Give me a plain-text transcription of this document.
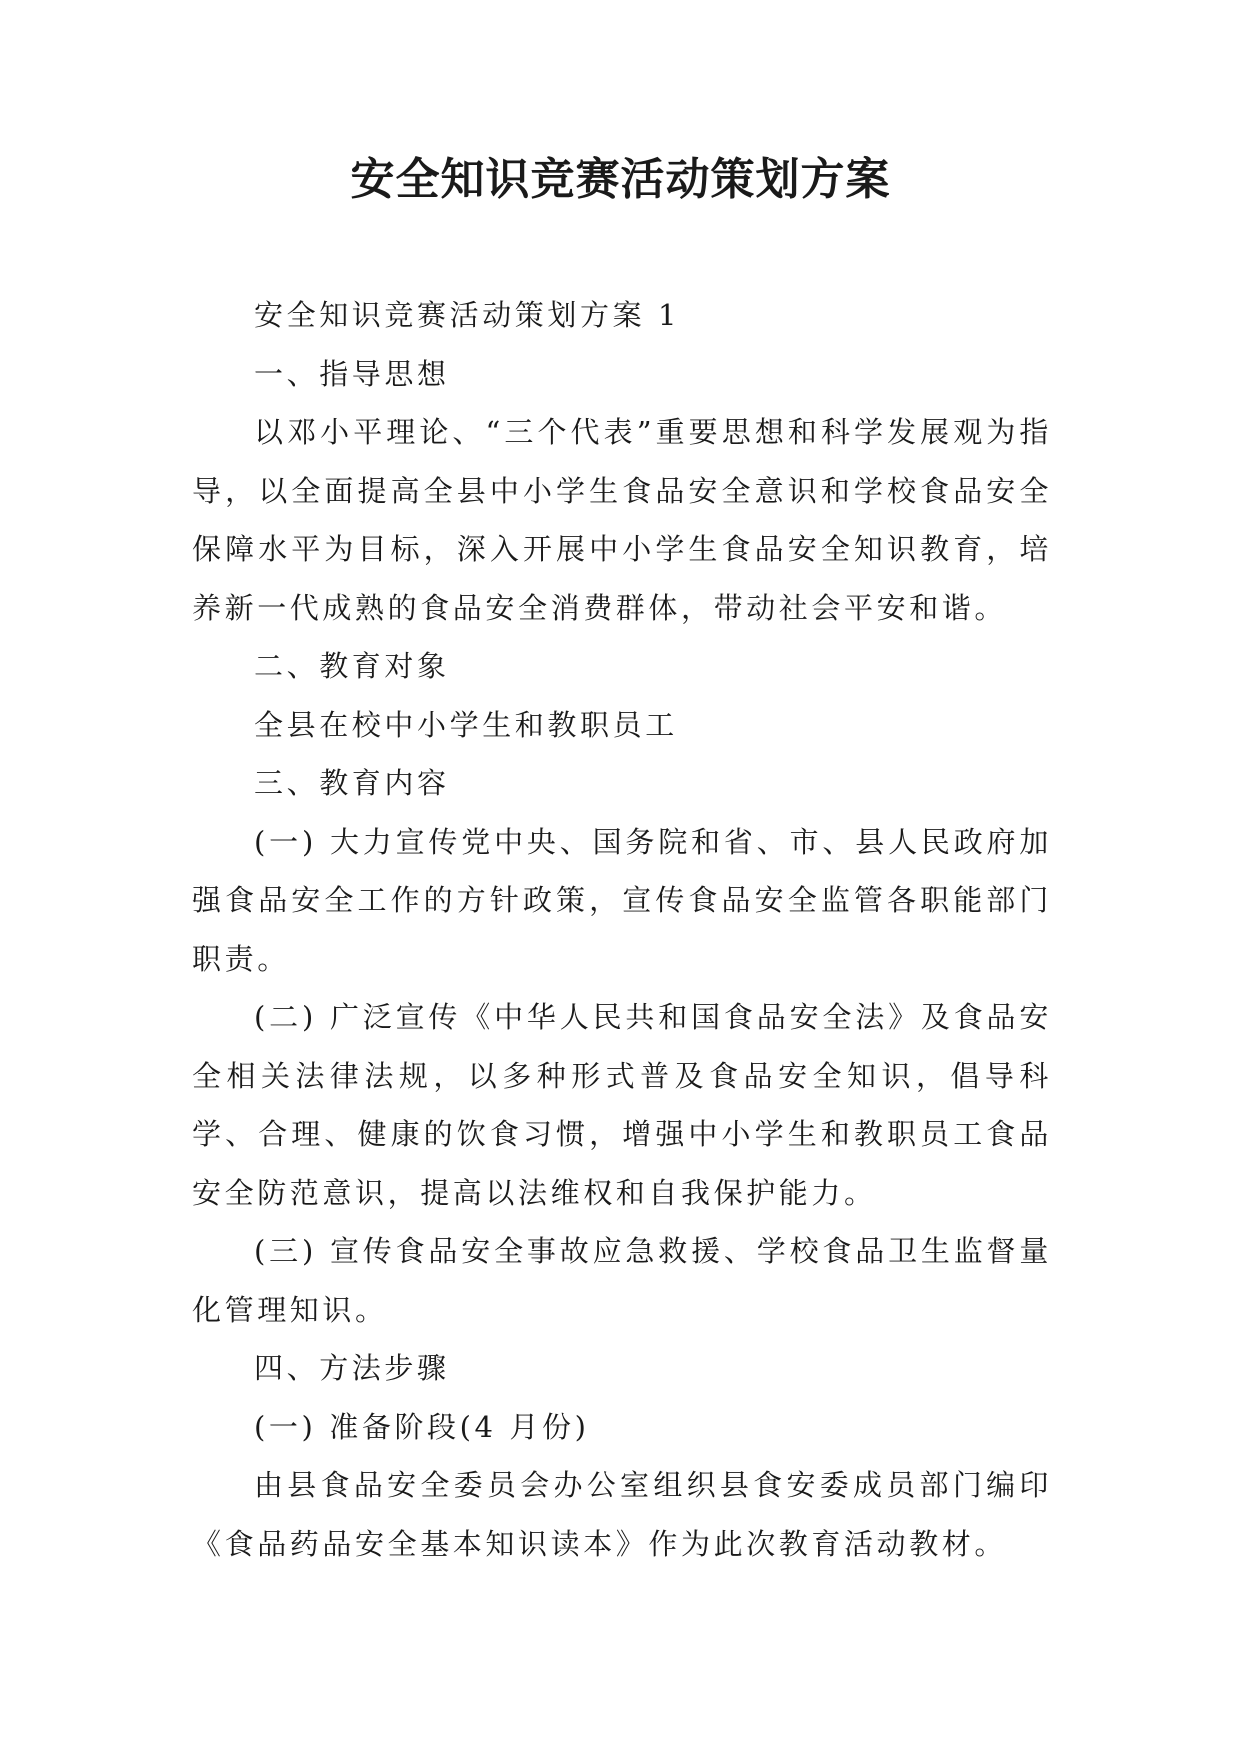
安全知识竞赛活动策划方案

安全知识竞赛活动策划方案 1

一、指导思想

以邓小平理论、“三个代表”重要思想和科学发展观为指导，以全面提高全县中小学生食品安全意识和学校食品安全保障水平为目标，深入开展中小学生食品安全知识教育，培养新一代成熟的食品安全消费群体，带动社会平安和谐。

二、教育对象

全县在校中小学生和教职员工

三、教育内容

(一) 大力宣传党中央、国务院和省、市、县人民政府加强食品安全工作的方针政策，宣传食品安全监管各职能部门职责。

(二) 广泛宣传《中华人民共和国食品安全法》及食品安全相关法律法规，以多种形式普及食品安全知识，倡导科学、合理、健康的饮食习惯，增强中小学生和教职员工食品安全防范意识，提高以法维权和自我保护能力。

(三) 宣传食品安全事故应急救援、学校食品卫生监督量化管理知识。

四、方法步骤

(一) 准备阶段(4 月份)

由县食品安全委员会办公室组织县食安委成员部门编印《食品药品安全基本知识读本》作为此次教育活动教材。
